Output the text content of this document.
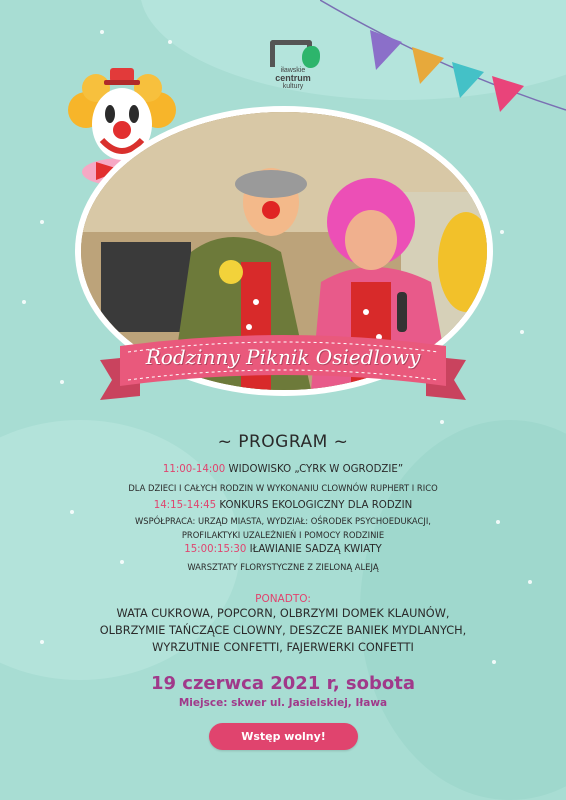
iławskie
centrum
kultury
Rodzinny Piknik Osiedlowy
~ PROGRAM ~
11:00-14:00 WIDOWISKO „CYRK W OGRODZIE”
DLA DZIECI I CAŁYCH RODZIN W WYKONANIU CLOWNÓW RUPHERT I RICO
14:15-14:45 KONKURS EKOLOGICZNY DLA RODZIN
WSPÓŁPRACA: URZĄD MIASTA, WYDZIAŁ: OŚRODEK PSYCHOEDUKACJI,
PROFILAKTYKI UZALEŻNIEŃ I POMOCY RODZINIE
15:00:15:30 IŁAWIANIE SADZĄ KWIATY
WARSZTATY FLORYSTYCZNE Z ZIELONĄ ALEJĄ
PONADTO:
WATA CUKROWA, POPCORN, OLBRZYMI DOMEK KLAUNÓW,
OLBRZYMIE TAŃCZĄCE CLOWNY, DESZCZE BANIEK MYDLANYCH,
WYRZUTNIE CONFETTI, FAJERWERKI CONFETTI
19 czerwca 2021 r, sobota
Miejsce: skwer ul. Jasielskiej, Iława
Wstęp wolny!
